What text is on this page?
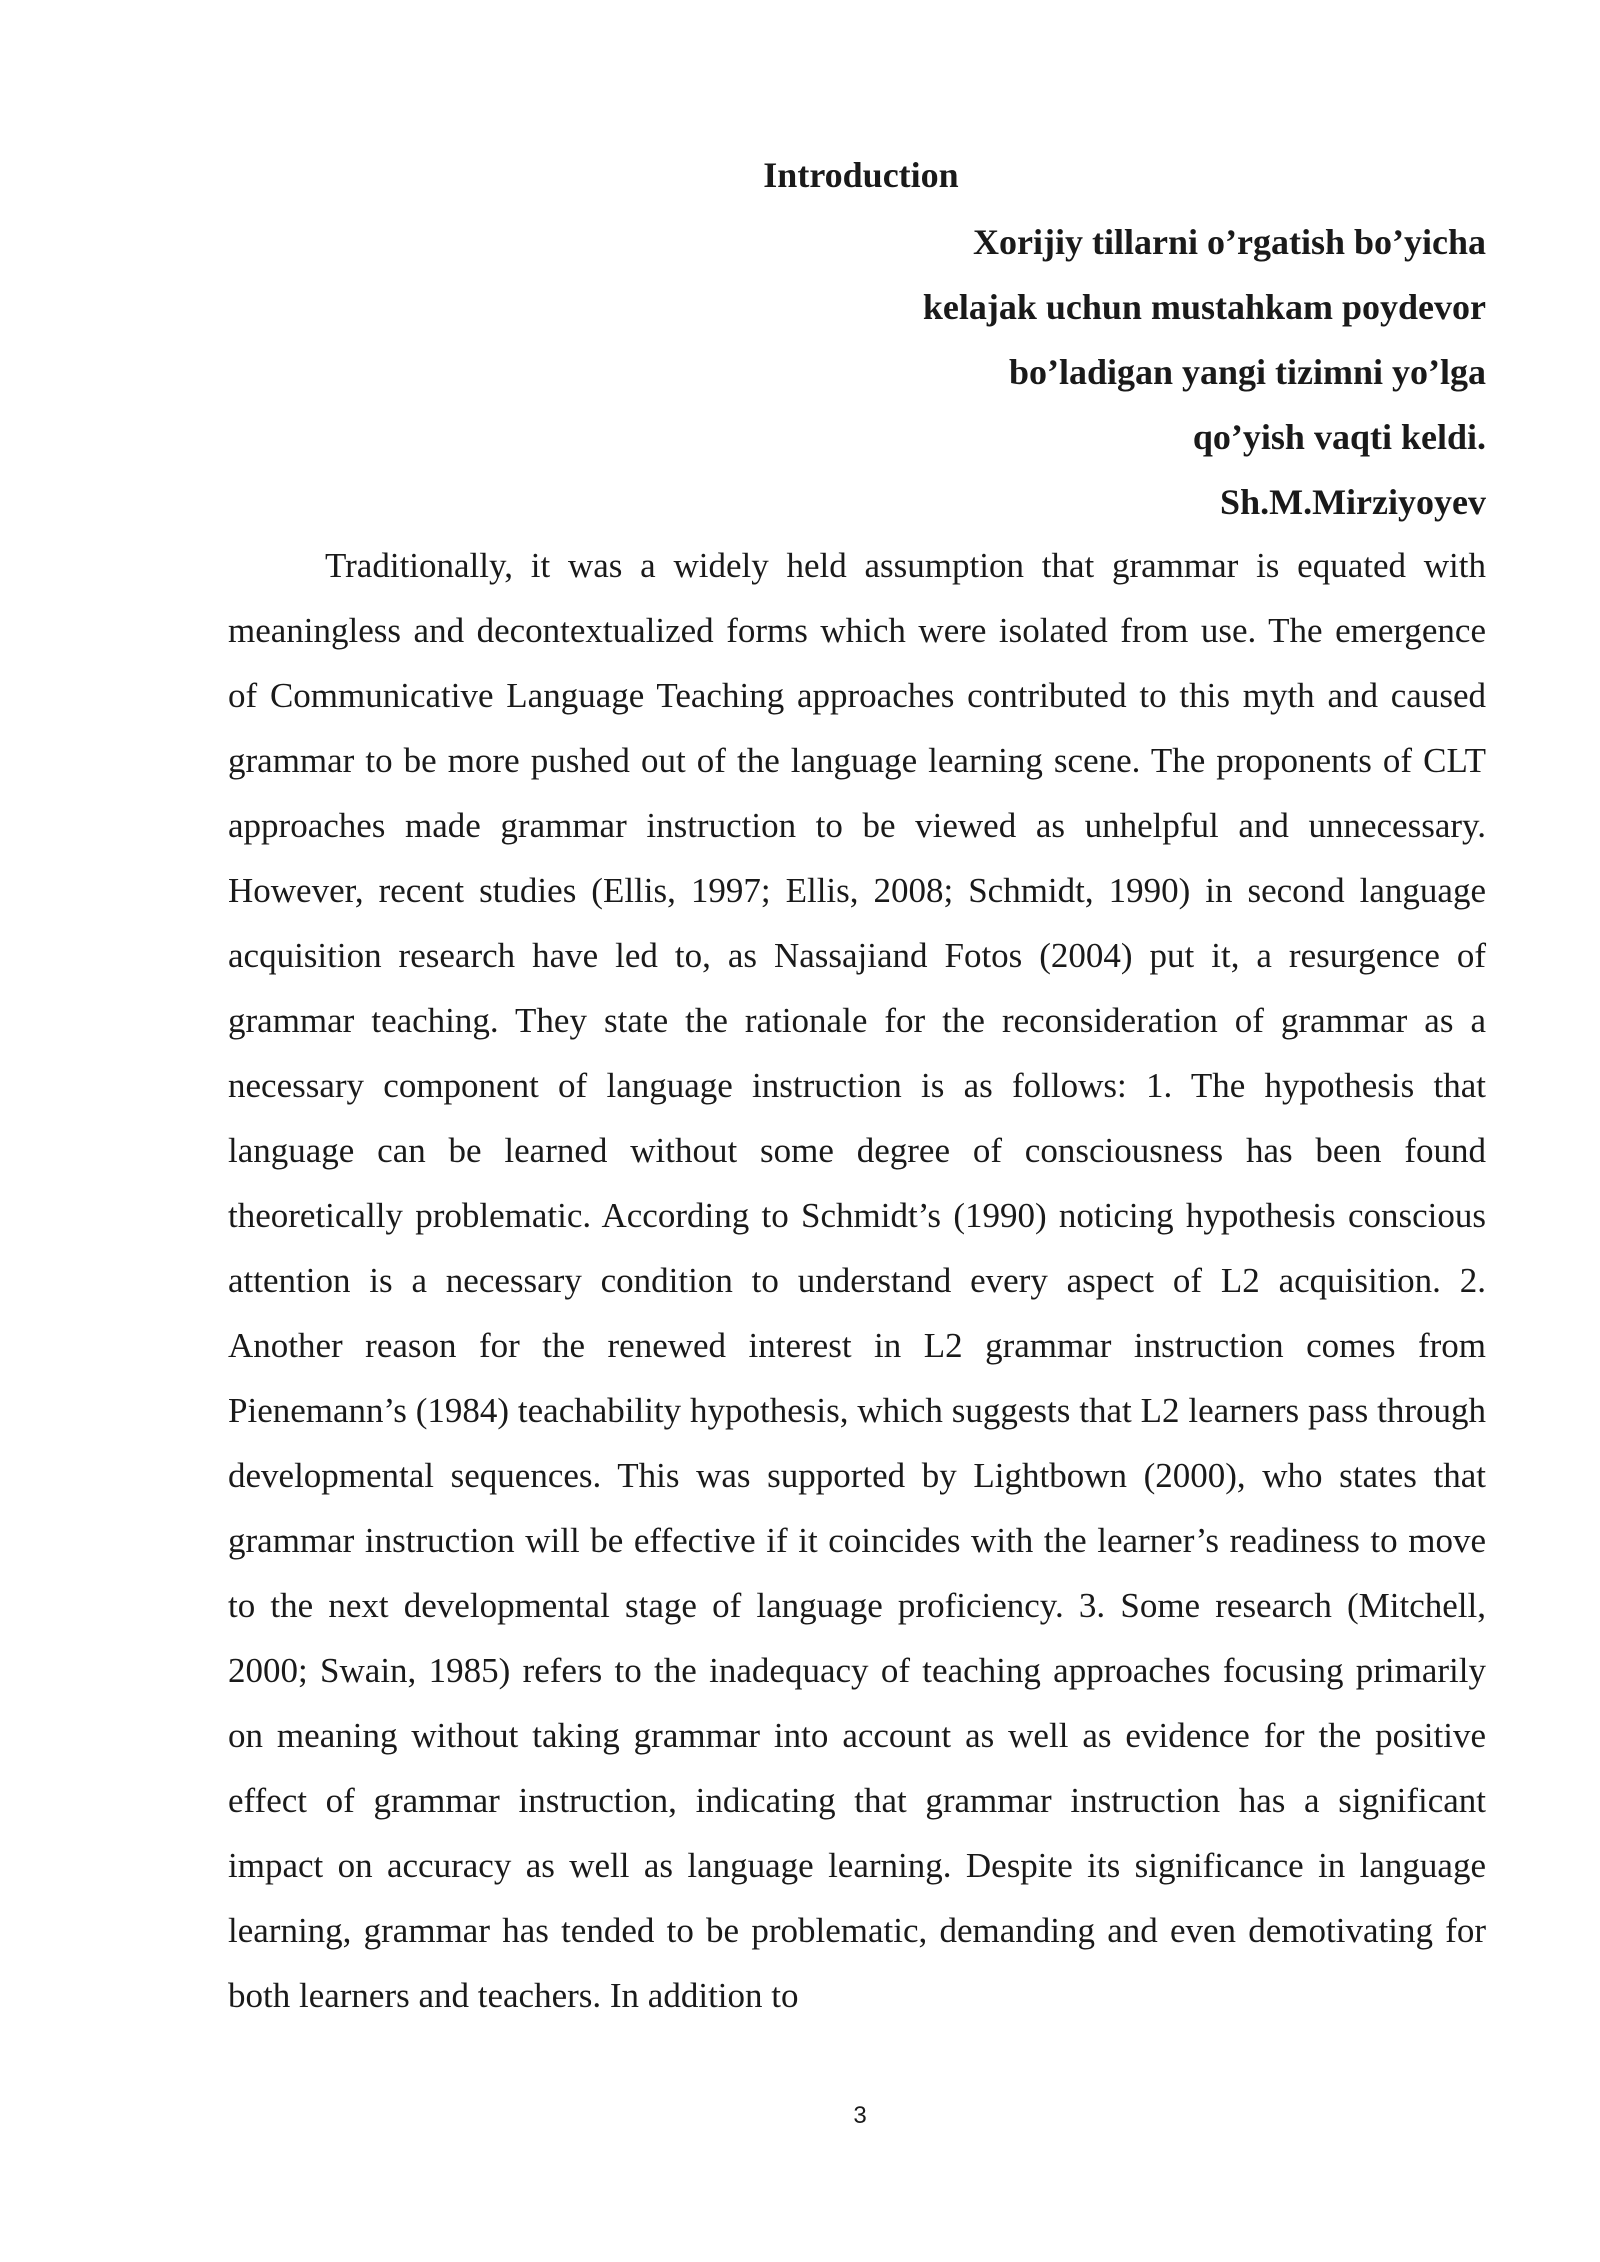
Introduction
Xorijiy tillarni o’rgatish bo’yicha
kelajak uchun mustahkam poydevor
bo’ladigan yangi tizimni yo’lga
qo’yish vaqti keldi.
Sh.M.Mirziyoyev

Traditionally, it was a widely held assumption that grammar is equated with meaningless and decontextualized forms which were isolated from use. The emergence of Communicative Language Teaching approaches contributed to this myth and caused grammar to be more pushed out of the language learning scene. The proponents of CLT approaches made grammar instruction to be viewed as unhelpful and unnecessary. However, recent studies (Ellis, 1997; Ellis, 2008; Schmidt, 1990) in second language acquisition research have led to, as Nassajiand Fotos (2004) put it, a resurgence of grammar teaching. They state the rationale for the reconsideration of grammar as a necessary component of language instruction is as follows: 1. The hypothesis that language can be learned without some degree of consciousness has been found theoretically problematic. According to Schmidt’s (1990) noticing hypothesis conscious attention is a necessary condition to understand every aspect of L2 acquisition. 2. Another reason for the renewed interest in L2 grammar instruction comes from Pienemann’s (1984) teachability hypothesis, which suggests that L2 learners pass through developmental sequences. This was supported by Lightbown (2000), who states that grammar instruction will be effective if it coincides with the learner’s readiness to move to the next developmental stage of language proficiency. 3. Some research (Mitchell, 2000; Swain, 1985) refers to the inadequacy of teaching approaches focusing primarily on meaning without taking grammar into account as well as evidence for the positive effect of grammar instruction, indicating that grammar instruction has a significant impact on accuracy as well as language learning. Despite its significance in language learning, grammar has tended to be problematic, demanding and even demotivating for both learners and teachers. In addition to

3
